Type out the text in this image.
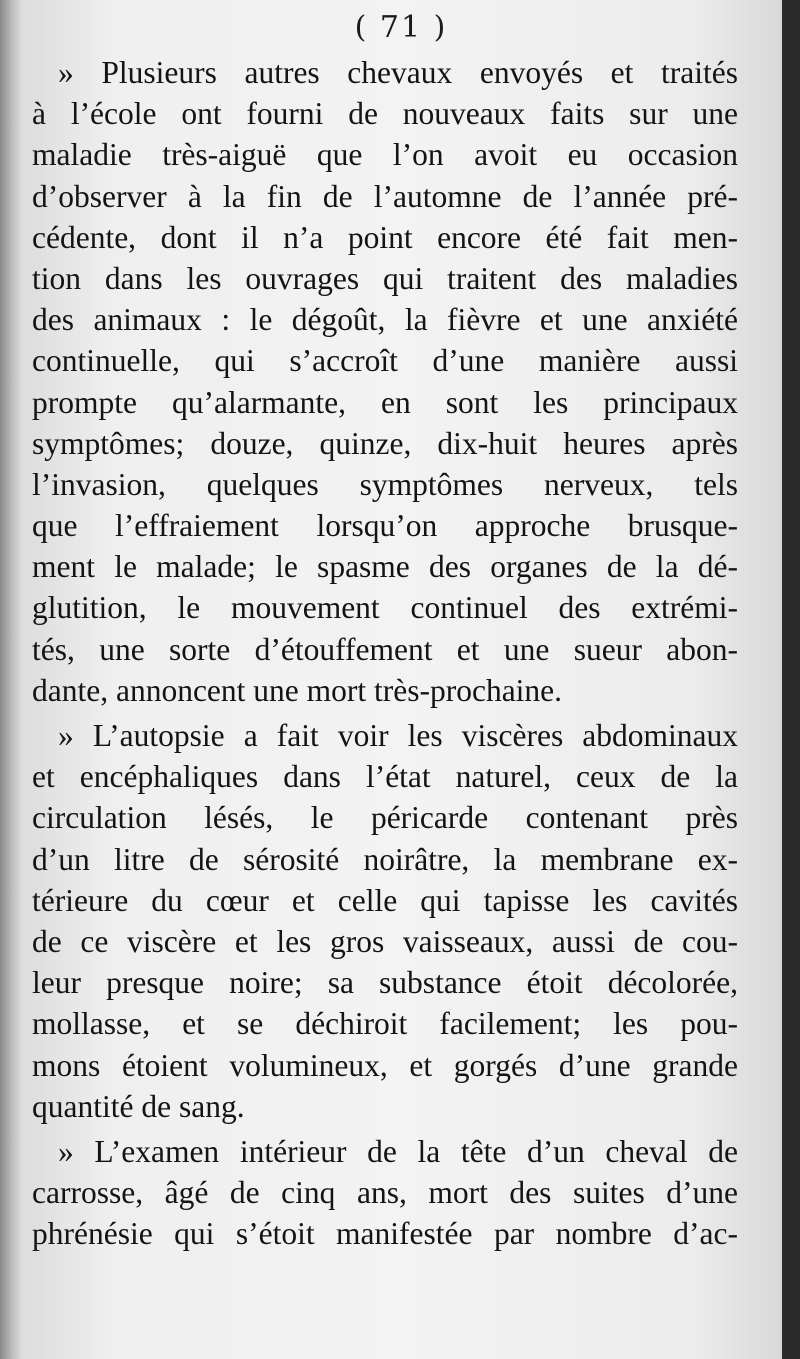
( 71 )
» Plusieurs autres chevaux envoyés et traités
à l’école ont fourni de nouveaux faits sur une
maladie très-aiguë que l’on avoit eu occasion
d’observer à la fin de l’automne de l’année pré-
cédente, dont il n’a point encore été fait men-
tion dans les ouvrages qui traitent des maladies
des animaux : le dégoût, la fièvre et une anxiété
continuelle, qui s’accroît d’une manière aussi
prompte qu’alarmante, en sont les principaux
symptômes; douze, quinze, dix-huit heures après
l’invasion, quelques symptômes nerveux, tels
que l’effraiement lorsqu’on approche brusque-
ment le malade; le spasme des organes de la dé-
glutition, le mouvement continuel des extrémi-
tés, une sorte d’étouffement et une sueur abon-
dante, annoncent une mort très-prochaine.
» L’autopsie a fait voir les viscères abdominaux
et encéphaliques dans l’état naturel, ceux de la
circulation lésés, le péricarde contenant près
d’un litre de sérosité noirâtre, la membrane ex-
térieure du cœur et celle qui tapisse les cavités
de ce viscère et les gros vaisseaux, aussi de cou-
leur presque noire; sa substance étoit décolorée,
mollasse, et se déchiroit facilement; les pou-
mons étoient volumineux, et gorgés d’une grande
quantité de sang.
» L’examen intérieur de la tête d’un cheval de
carrosse, âgé de cinq ans, mort des suites d’une
phrénésie qui s’étoit manifestée par nombre d’ac-
